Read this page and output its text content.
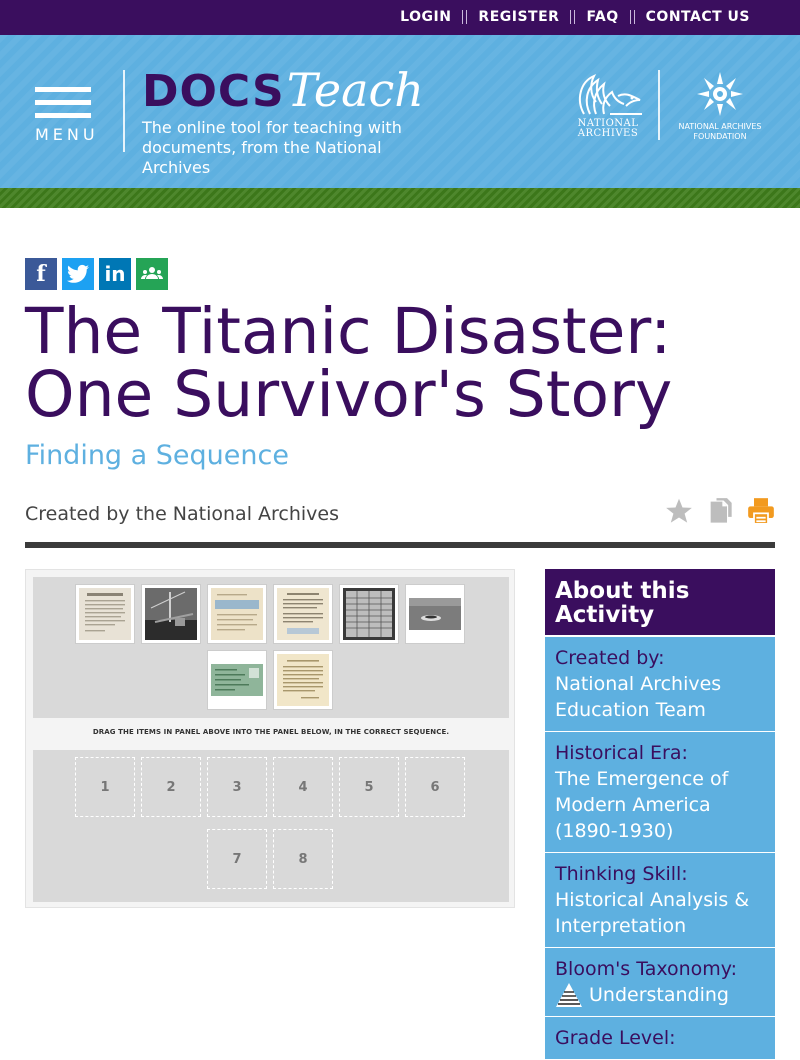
LOGIN REGISTER FAQ CONTACT US
MENU
DOCS Teach
The online tool for teaching with documents, from the National Archives
NATIONAL ARCHIVES
NATIONAL ARCHIVES FOUNDATION
f	in
The Titanic Disaster: One Survivor's Story
Finding a Sequence
Created by the National Archives
DRAG THE ITEMS IN PANEL ABOVE INTO THE PANEL BELOW, IN THE CORRECT SEQUENCE.
1	2	3	4	5	6
7	8
About this Activity
Created by:
National Archives Education Team
Historical Era:
The Emergence of Modern America (1890-1930)
Thinking Skill:
Historical Analysis & Interpretation
Bloom's Taxonomy:
Understanding
Grade Level:
